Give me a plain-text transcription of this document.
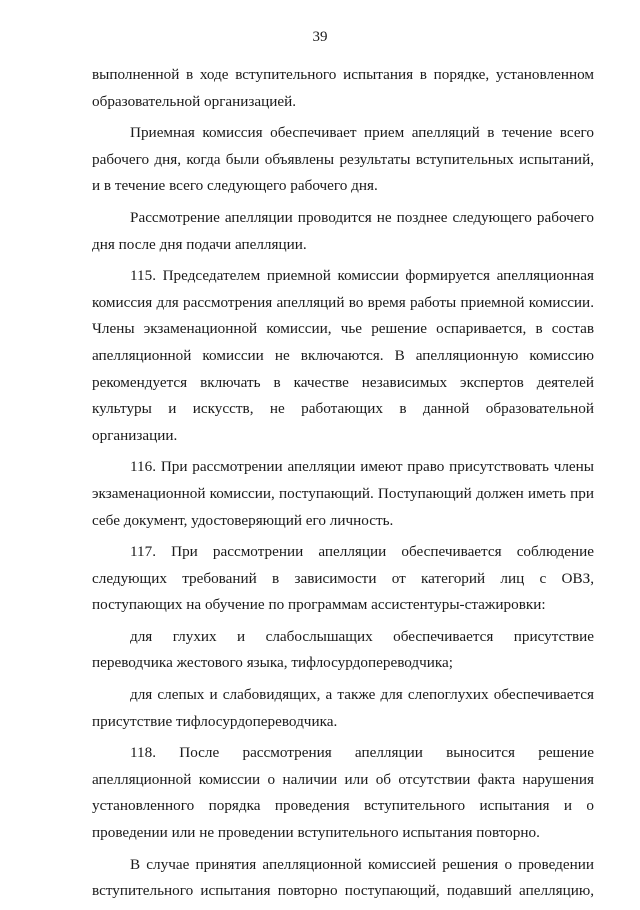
39

выполненной в ходе вступительного испытания в порядке, установленном образовательной организацией.

Приемная комиссия обеспечивает прием апелляций в течение всего рабочего дня, когда были объявлены результаты вступительных испытаний, и в течение всего следующего рабочего дня.

Рассмотрение апелляции проводится не позднее следующего рабочего дня после дня подачи апелляции.

115. Председателем приемной комиссии формируется апелляционная комиссия для рассмотрения апелляций во время работы приемной комиссии. Члены экзаменационной комиссии, чье решение оспаривается, в состав апелляционной комиссии не включаются. В апелляционную комиссию рекомендуется включать в качестве независимых экспертов деятелей культуры и искусств, не работающих в данной образовательной организации.

116. При рассмотрении апелляции имеют право присутствовать члены экзаменационной комиссии, поступающий. Поступающий должен иметь при себе документ, удостоверяющий его личность.

117. При рассмотрении апелляции обеспечивается соблюдение следующих требований в зависимости от категорий лиц с ОВЗ, поступающих на обучение по программам ассистентуры-стажировки:

для глухих и слабослышащих обеспечивается присутствие переводчика жестового языка, тифлосурдопереводчика;

для слепых и слабовидящих, а также для слепоглухих обеспечивается присутствие тифлосурдопереводчика.

118. После рассмотрения апелляции выносится решение апелляционной комиссии о наличии или об отсутствии факта нарушения установленного порядка проведения вступительного испытания и о проведении или не проведении вступительного испытания повторно.

В случае принятия апелляционной комиссией решения о проведении вступительного испытания повторно поступающий, подавший апелляцию,
